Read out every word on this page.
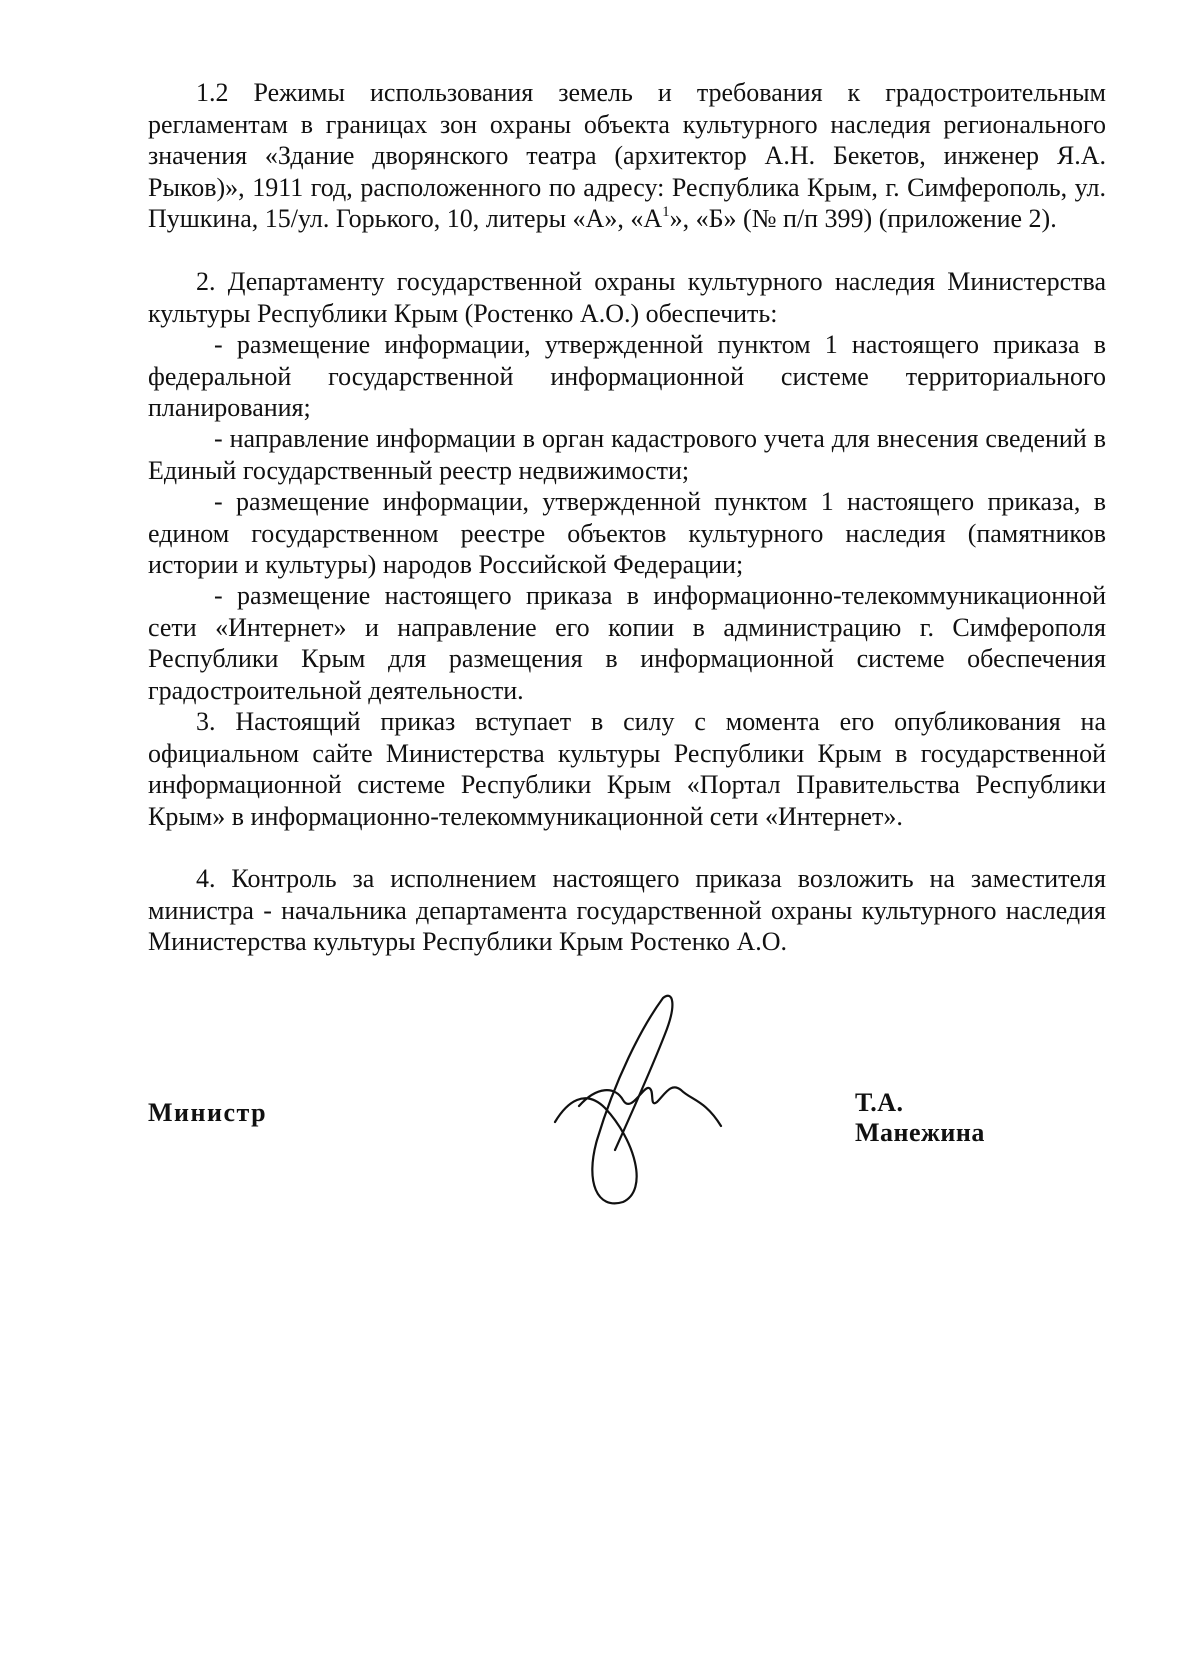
1.2 Режимы использования земель и требования к градостроительным регламентам в границах зон охраны объекта культурного наследия регионального значения «Здание дворянского театра (архитектор А.Н. Бекетов, инженер Я.А. Рыков)», 1911 год, расположенного по адресу: Республика Крым, г. Симферополь, ул. Пушкина, 15/ул. Горького, 10, литеры «А», «$А^1$», «Б» (№ п/п 399) (приложение 2).

2. Департаменту государственной охраны культурного наследия Министерства культуры Республики Крым (Ростенко А.О.) обеспечить:

- размещение информации, утвержденной пунктом 1 настоящего приказа в федеральной государственной информационной системе территориального планирования;

- направление информации в орган кадастрового учета для внесения сведений в Единый государственный реестр недвижимости;

- размещение информации, утвержденной пунктом 1 настоящего приказа, в едином государственном реестре объектов культурного наследия (памятников истории и культуры) народов Российской Федерации;

- размещение настоящего приказа в информационно-телекоммуникационной сети «Интернет» и направление его копии в администрацию г. Симферополя Республики Крым для размещения в информационной системе обеспечения градостроительной деятельности.

3. Настоящий приказ вступает в силу с момента его опубликования на официальном сайте Министерства культуры Республики Крым в государственной информационной системе Республики Крым «Портал Правительства Республики Крым» в информационно-телекоммуникационной сети «Интернет».

4. Контроль за исполнением настоящего приказа возложить на заместителя министра - начальника департамента государственной охраны культурного наследия Министерства культуры Республики Крым Ростенко А.О.

Министр	Т.А. Манежина
